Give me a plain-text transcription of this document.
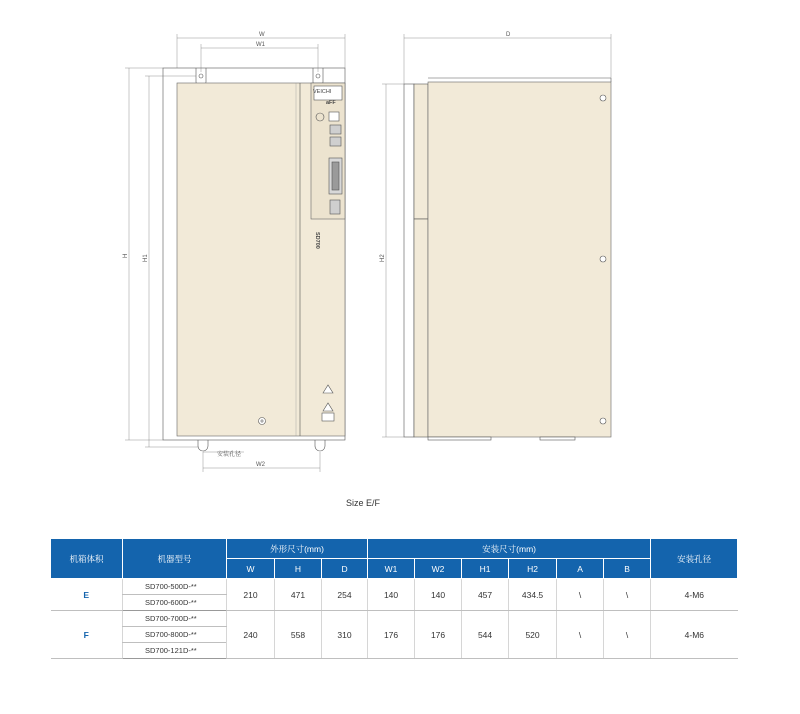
VEICHI
aFF
SD700
W
W1
H H1
W2
安装孔径
D
H2
Size E/F
机箱体积	机器型号	外形尺寸(mm)			安装尺寸(mm)						安装孔径
		W	H	D	W1	W2	H1	H2	A	B	
E	SD700-500D-**	210	471	254	140	140	457	434.5	\	\	4-M6
	SD700-600D-**										
F	SD700-700D-**	240	558	310	176	176	544	520	\	\	4-M6
	SD700-800D-**										
	SD700-121D-**										
